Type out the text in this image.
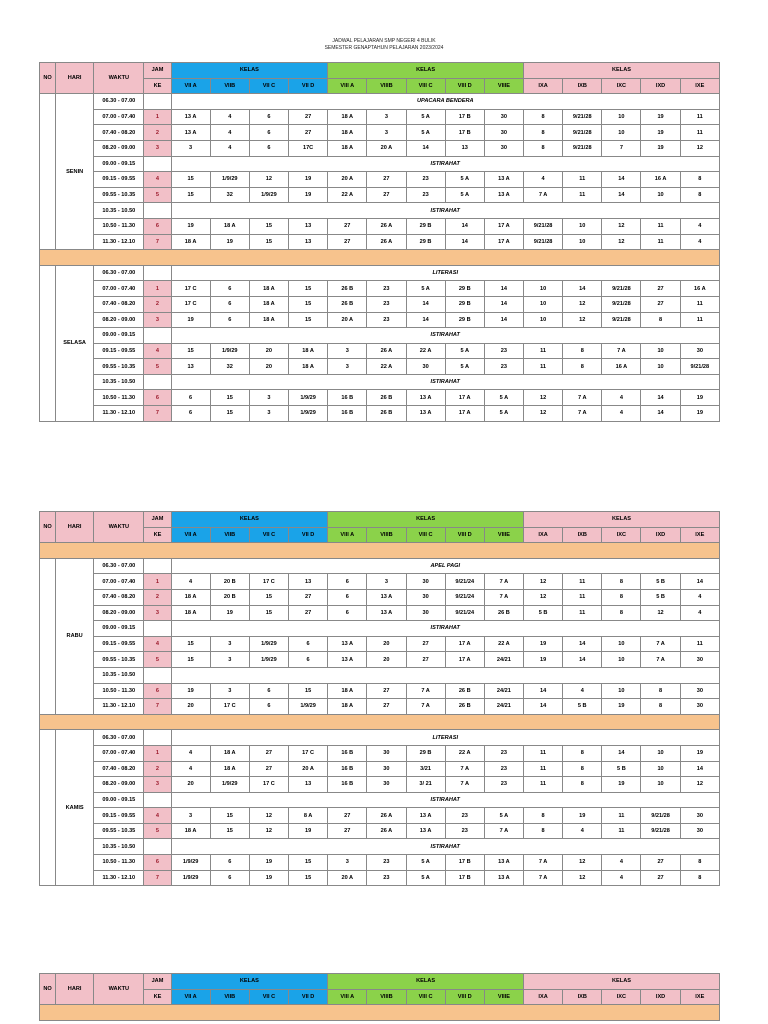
JADWAL PELAJARAN SMP NEGERI 4 BULIK
SEMESTER GENAPTAHUN PELAJARAN 2023/2024
NO	HARI	WAKTU	JAM	KELAS				KELAS					KELAS				
			KE	VII A	VIIB	VII C	VII D	VIII A	VIIIB	VIII C	VIII D	VIIIE	IXA	IXB	IXC	IXD	IXE
	SENIN	06.30 - 07.00		UPACARA BENDERA													
		07.00 - 07.40	1	13 A	4	6	27	18 A	3	5 A	17 B	30	8	9/21/28	10	19	11
		07.40 - 08.20	2	13 A	4	6	27	18 A	3	5 A	17 B	30	8	9/21/28	10	19	11
		08.20 - 09.00	3	3	4	6	17C	18 A	20 A	14	13	30	8	9/21/28	7	19	12
		09.00 - 09.15		ISTIRAHAT													
		09.15 - 09.55	4	15	1/9/29	12	19	20 A	27	23	5 A	13 A	4	11	14	16 A	8
		09.55 - 10.35	5	15	32	1/9/29	19	22 A	27	23	5 A	13 A	7 A	11	14	10	8
		10.35 - 10.50		ISTIRAHAT													
		10.50 - 11.30	6	19	18 A	15	13	27	26 A	29 B	14	17 A	9/21/28	10	12	11	4
		11.30 - 12.10	7	18 A	19	15	13	27	26 A	29 B	14	17 A	9/21/28	10	12	11	4

	SELASA	06.30 - 07.00		LITERASI													
		07.00 - 07.40	1	17 C	6	18 A	15	26 B	23	5 A	29 B	14	10	14	9/21/28	27	16 A
		07.40 - 08.20	2	17 C	6	18 A	15	26 B	23	14	29 B	14	10	12	9/21/28	27	11
		08.20 - 09.00	3	19	6	18 A	15	20 A	23	14	29 B	14	10	12	9/21/28	8	11
		09.00 - 09.15		ISTIRAHAT													
		09.15 - 09.55	4	15	1/9/29	20	18 A	3	26 A	22 A	5 A	23	11	8	7 A	10	30
		09.55 - 10.35	5	13	32	20	18 A	3	22 A	30	5 A	23	11	8	16 A	10	9/21/28
		10.35 - 10.50		ISTIRAHAT													
		10.50 - 11.30	6	6	15	3	1/9/29	16 B	26 B	13 A	17 A	5 A	12	7 A	4	14	19
		11.30 - 12.10	7	6	15	3	1/9/29	16 B	26 B	13 A	17 A	5 A	12	7 A	4	14	19
NO	HARI	WAKTU	JAM	KELAS				KELAS					KELAS				
			KE	VII A	VIIB	VII C	VII D	VIII A	VIIIB	VIII C	VIII D	VIIIE	IXA	IXB	IXC	IXD	IXE

	RABU	06.30 - 07.00		APEL PAGI													
		07.00 - 07.40	1	4	20 B	17 C	13	6	3	30	9/21/24	7 A	12	11	8	5 B	14
		07.40 - 08.20	2	18 A	20 B	15	27	6	13 A	30	9/21/24	7 A	12	11	8	5 B	4
		08.20 - 09.00	3	18 A	19	15	27	6	13 A	30	9/21/24	26 B	5 B	11	8	12	4
		09.00 - 09.15		ISTIRAHAT													
		09.15 - 09.55	4	15	3	1/9/29	6	13 A	20	27	17 A	22 A	19	14	10	7 A	11
		09.55 - 10.35	5	15	3	1/9/29	6	13 A	20	27	17 A	24/21	19	14	10	7 A	30
		10.35 - 10.50															
		10.50 - 11.30	6	19	3	6	15	18 A	27	7 A	26 B	24/21	14	4	10	8	30
		11.30 - 12.10	7	20	17 C	6	1/9/29	18 A	27	7 A	26 B	24/21	14	5 B	19	8	30

	KAMIS	06.30 - 07.00		LITERASI													
		07.00 - 07.40	1	4	18 A	27	17 C	16 B	30	29 B	22 A	23	11	8	14	10	19
		07.40 - 08.20	2	4	18 A	27	20 A	16 B	30	3/21	7 A	23	11	8	5 B	10	14
		08.20 - 09.00	3	20	1/9/29	17 C	13	16 B	30	3/ 21	7 A	23	11	8	19	10	12
		09.00 - 09.15		ISTIRAHAT													
		09.15 - 09.55	4	3	15	12	8 A	27	26 A	13 A	23	5 A	8	19	11	9/21/28	30
		09.55 - 10.35	5	18 A	15	12	19	27	26 A	13 A	23	7 A	8	4	11	9/21/28	30
		10.35 - 10.50		ISTIRAHAT													
		10.50 - 11.30	6	1/9/29	6	19	15	3	23	5 A	17 B	13 A	7 A	12	4	27	8
		11.30 - 12.10	7	1/9/29	6	19	15	20 A	23	5 A	17 B	13 A	7 A	12	4	27	8
NO	HARI	WAKTU	JAM	KELAS				KELAS					KELAS				
			KE	VII A	VIIB	VII C	VII D	VIII A	VIIIB	VIII C	VIII D	VIIIE	IXA	IXB	IXC	IXD	IXE
